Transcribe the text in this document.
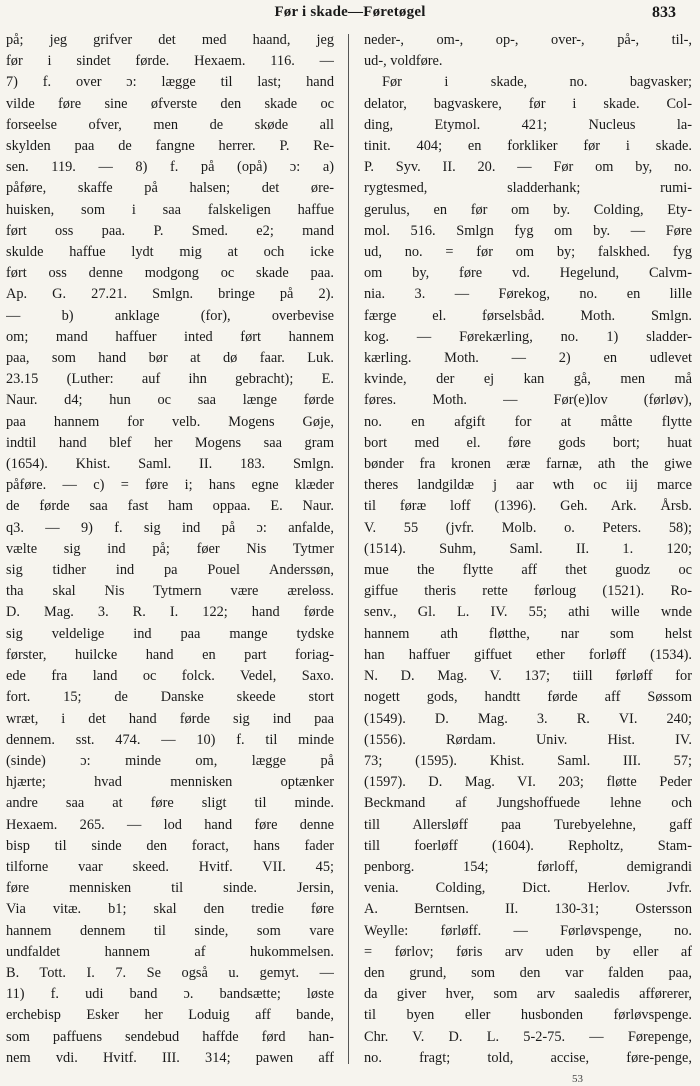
Før i skade—Føretøgel	833
på; jeg grifver det med haand, jeg
før i sindet førde. Hexaem. 116. —
7) f. over ɔ: lægge til last; hand
vilde føre sine øfverste den skade oc
forseelse ofver, men de skøde all
skylden paa de fangne herrer. P. Re-
sen. 119. — 8) f. på (opå) ɔ: a)
påføre, skaffe på halsen; det øre-
huisken, som i saa falskeligen haffue
ført oss paa. P. Smed. e2; mand
skulde haffue lydt mig at och icke
ført oss denne modgong oc skade paa.
Ap. G. 27.21. Smlgn. bringe på 2).
— b) anklage (for), overbevise
om; mand haffuer inted ført hannem
paa, som hand bør at dø faar. Luk.
23.15 (Luther: auf ihn gebracht); E.
Naur. d4; hun oc saa længe førde
paa hannem for velb. Mogens Gøje,
indtil hand blef her Mogens saa gram
(1654). Khist. Saml. II. 183. Smlgn.
påføre. — c) = føre i; hans egne klæder
de førde saa fast ham oppaa. E. Naur.
q3. — 9) f. sig ind på ɔ: anfalde,
vælte sig ind på; føer Nis Tytmer
sig tidher ind pa Pouel Anderssøn,
tha skal Nis Tytmern være ærelөss.
D. Mag. 3. R. I. 122; hand førde
sig veldelige ind paa mange tydske
førster, huilcke hand en part foriag-
ede fra land oc folck. Vedel, Saxo.
fort. 15; de Danske skeede stort
wræt, i det hand førde sig ind paa
dennem. sst. 474. — 10) f. til minde
(sinde) ɔ: minde om, lægge på
hjærte; hvad mennisken optænker
andre saa at føre sligt til minde.
Hexaem. 265. — lod hand føre denne
bisp til sinde den foract, hans fader
tilforne vaar skeed. Hvitf. VII. 45;
føre mennisken til sinde. Jersin,
Via vitæ. b1; skal den tredie føre
hannem dennem til sinde, som vare
undfaldet hannem af hukommelsen.
B. Tott. I. 7. Se også u. gemyt. —
11) f. udi band ɔ. bandsætte; løste
erchebisp Esker her Loduig aff bande,
som paffuens sendebud haffde førd han-
nem vdi. Hvitf. III. 314; pawen aff
neder-, om-, op-, over-, på-, til-,
ud-, voldføre.
Før i skade, no. bagvasker;
delator, bagvaskere, før i skade. Col-
ding, Etymol. 421; Nucleus la-
tinit. 404; en forkliker før i skade.
P. Syv. II. 20. — Før om by, no.
rygtesmed, sladderhank; rumi-
gerulus, en før om by. Colding, Ety-
mol. 516. Smlgn fyg om by. — Føre
ud, no. = før om by; falskhed. fyg
om by, føre vd. Hegelund, Calvm-
nia. 3. — Førekog, no. en lille
færge el. førselsbåd. Moth. Smlgn.
kog. — Førekærling, no. 1) sladder-
kærling. Moth. — 2) en udlevet
kvinde, der ej kan gå, men må
føres. Moth. — Før(e)lov (førløv),
no. en afgift for at måtte flytte
bort med el. føre gods bort; huat
bønder fra kronen æræ farnæ, ath the giwe
theres landgildæ j aar wth oc iij marce
til føræ loff (1396). Geh. Ark. Årsb.
V. 55 (jvfr. Molb. o. Peters. 58);
(1514). Suhm, Saml. II. 1. 120;
mue the flytte aff thet guodz oc
giffue theris rette førloug (1521). Ro-
senv., Gl. L. IV. 55; athi wille wnde
hannem ath fløtthe, nar som helst
han haffuer giffuet ether forløff (1534).
N. D. Mag. V. 137; tiill førløff for
nogett gods, handtt førde aff Søssom
(1549). D. Mag. 3. R. VI. 240;
(1556). Rørdam. Univ. Hist. IV.
73; (1595). Khist. Saml. III. 57;
(1597). D. Mag. VI. 203; fløtte Peder
Beckmand af Jungshoffuede lehne och
till Allersløff paa Turebyelehne, gaff
till foerløff (1604). Repholtz, Stam-
penborg. 154; førloff, demigrandi
venia. Colding, Dict. Herlov. Jvfr.
A. Berntsen. II. 130-31; Ostersson
Weylle: førløff. — Førløvspenge, no.
= førlov; føris arv uden by eller af
den grund, som den var falden paa,
da giver hver, som arv saaledis afførerer,
til byen eller husbonden førløvspenge.
Chr. V. D. L. 5-2-75. — Førepenge,
no. fragt; told, accise, føre-penge,
53
